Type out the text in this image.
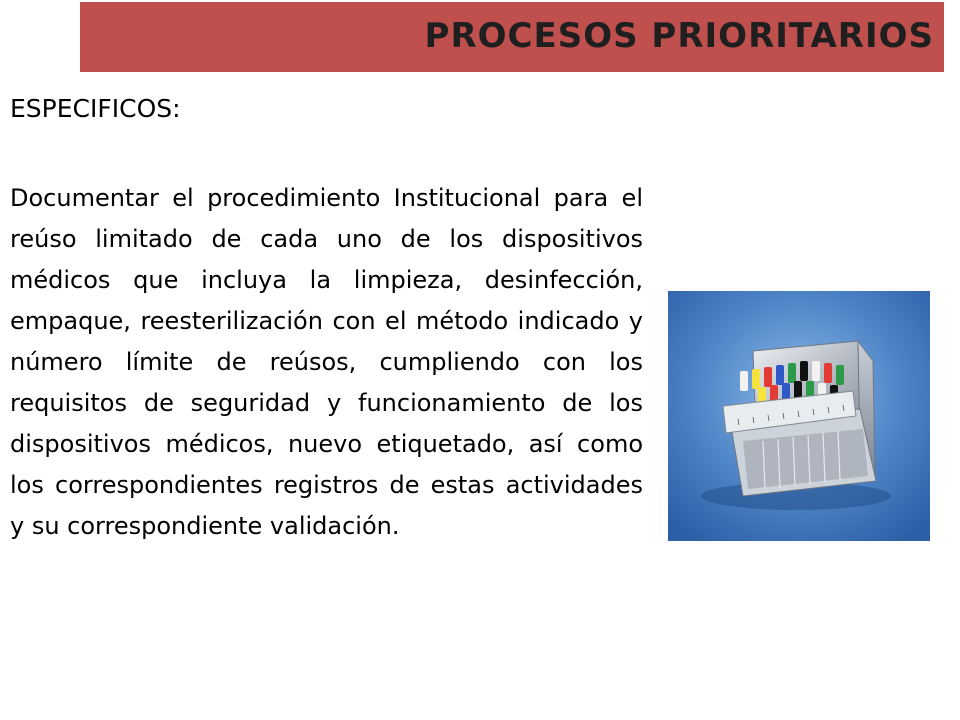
PROCESOS PRIORITARIOS
ESPECIFICOS:

Documentar el procedimiento Institucional para el reúso limitado de cada uno de los dispositivos médicos que incluya la limpieza, desinfección, empaque, reesterilización con el método indicado y número límite de reúsos, cumpliendo con los requisitos de seguridad y funcionamiento de los dispositivos médicos, nuevo etiquetado, así como los correspondientes registros de estas actividades y su correspondiente validación.
